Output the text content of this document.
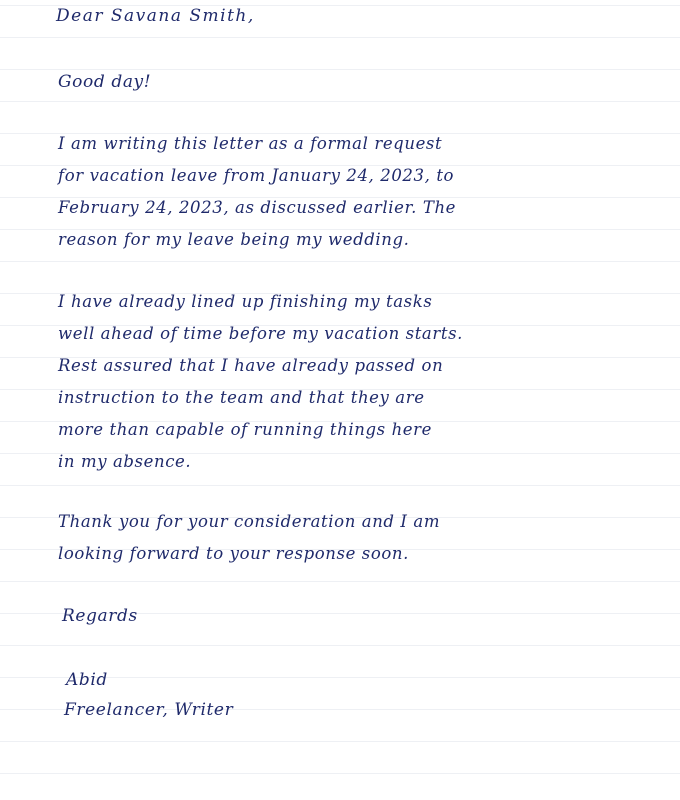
Dear Savana Smith,

Good day!

I am writing this letter as a formal request

for vacation leave from January 24, 2023, to

February 24, 2023, as discussed earlier. The

reason for my leave being my wedding.

I have already lined up finishing my tasks

well ahead of time before my vacation starts.

Rest assured that I have already passed on

instruction to the team and that they are

more than capable of running things here

in my absence.

Thank you for your consideration and I am

looking forward to your response soon.

Regards

Abid

Freelancer, Writer
